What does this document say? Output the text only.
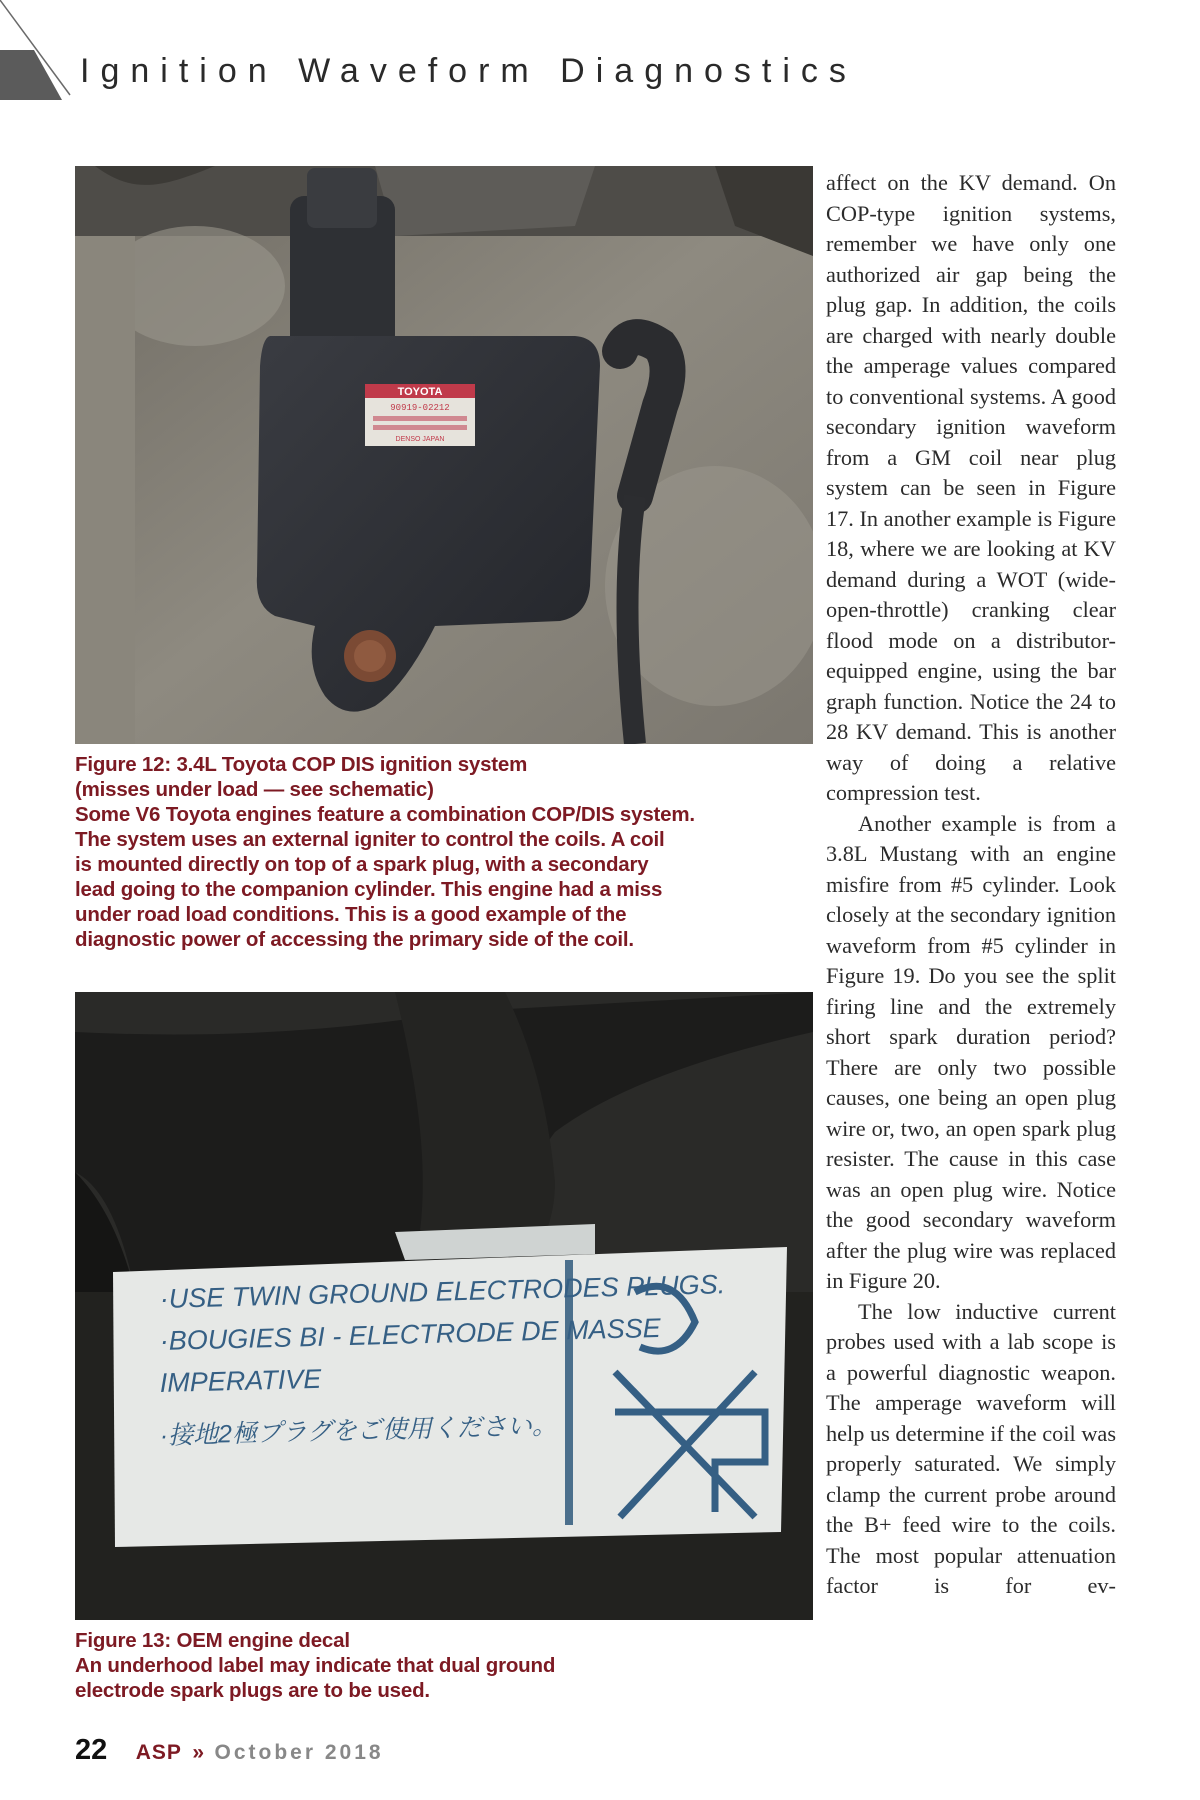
Ignition Waveform Diagnostics
TOYOTA
90919-02212
DENSO JAPAN
Figure 12: 3.4L Toyota COP DIS ignition system
(misses under load — see schematic)
Some V6 Toyota engines feature a combination COP/DIS system.
The system uses an external igniter to control the coils. A coil
is mounted directly on top of a spark plug, with a secondary
lead going to the companion cylinder. This engine had a miss
under road load conditions. This is a good example of the
diagnostic power of accessing the primary side of the coil.
·USE TWIN GROUND ELECTRODES PLUGS.
·BOUGIES BI - ELECTRODE DE MASSE
IMPERATIVE
·接地2極プラグをご使用ください。
Figure 13: OEM engine decal
An underhood label may indicate that dual ground
electrode spark plugs are to be used.

affect on the KV demand. On COP-type ignition systems, remember we have only one authorized air gap being the plug gap. In addition, the coils are charged with nearly double the amperage values compared to conventional systems. A good secondary ignition waveform from a GM coil near plug system can be seen in Figure 17. In another example is Figure 18, where we are looking at KV demand during a WOT (wide-open-throttle) cranking clear flood mode on a distributor-equipped engine, using the bar graph function. Notice the 24 to 28 KV demand. This is another way of doing a relative compression test.

Another example is from a 3.8L Mustang with an engine misfire from #5 cylinder. Look closely at the secondary ignition waveform from #5 cylinder in Figure 19. Do you see the split firing line and the extremely short spark duration period? There are only two possible causes, one being an open plug wire or, two, an open spark plug resister. The cause in this case was an open plug wire. Notice the good secondary waveform after the plug wire was replaced in Figure 20.

The low inductive current probes used with a lab scope is a powerful diagnostic weapon. The amperage waveform will help us determine if the coil was properly saturated. We simply clamp the current probe around the B+ feed wire to the coils. The most popular attenuation factor is for ev-

22 ASP » October 2018
